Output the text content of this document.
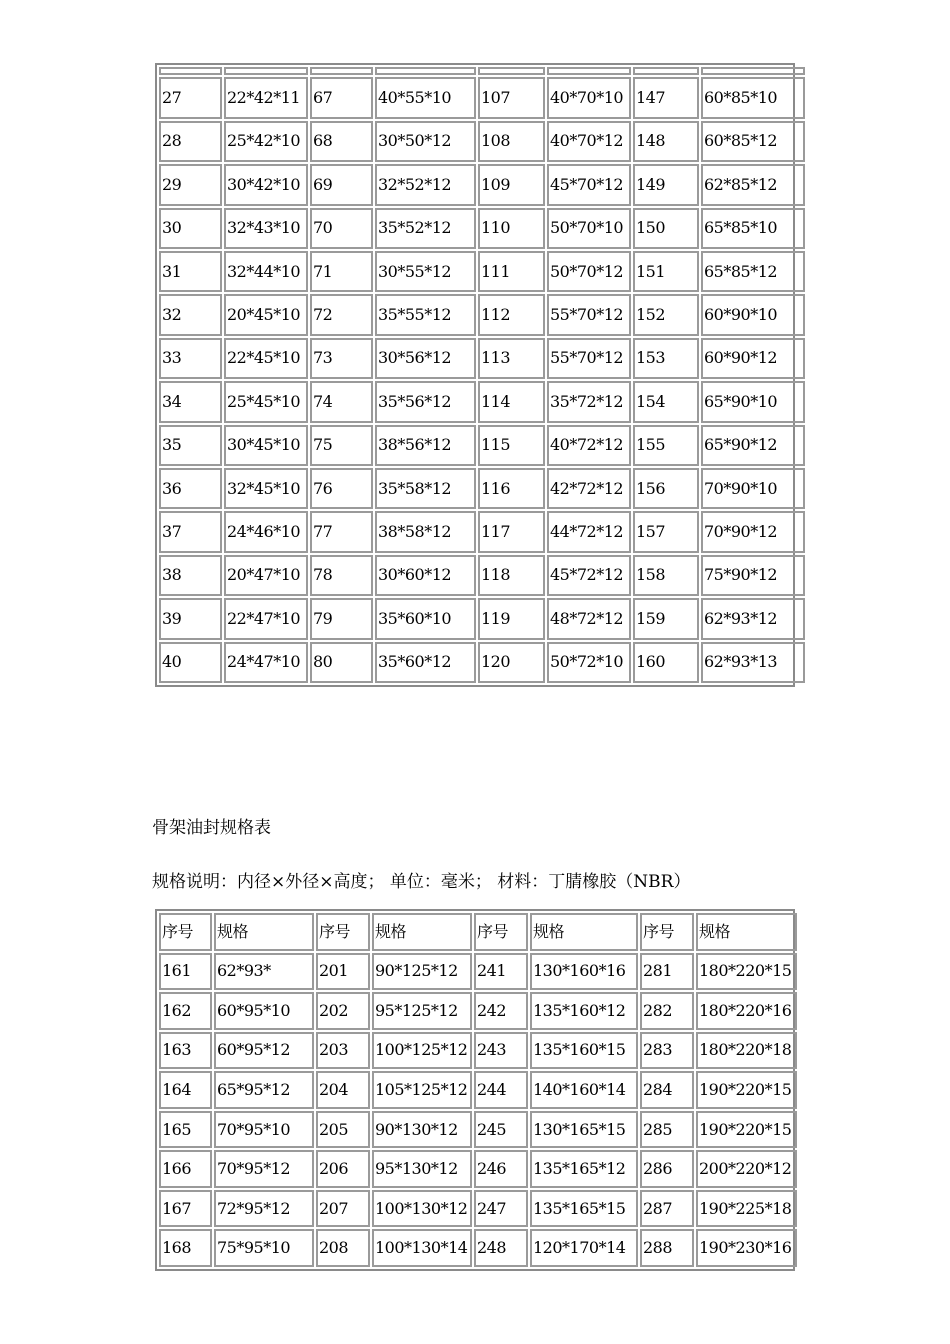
27	22*42*11	67	40*55*10	107	40*70*10	147	60*85*10
28	25*42*10	68	30*50*12	108	40*70*12	148	60*85*12
29	30*42*10	69	32*52*12	109	45*70*12	149	62*85*12
30	32*43*10	70	35*52*12	110	50*70*10	150	65*85*10
31	32*44*10	71	30*55*12	111	50*70*12	151	65*85*12
32	20*45*10	72	35*55*12	112	55*70*12	152	60*90*10
33	22*45*10	73	30*56*12	113	55*70*12	153	60*90*12
34	25*45*10	74	35*56*12	114	35*72*12	154	65*90*10
35	30*45*10	75	38*56*12	115	40*72*12	155	65*90*12
36	32*45*10	76	35*58*12	116	42*72*12	156	70*90*10
37	24*46*10	77	38*58*12	117	44*72*12	157	70*90*12
38	20*47*10	78	30*60*12	118	45*72*12	158	75*90*12
39	22*47*10	79	35*60*10	119	48*72*12	159	62*93*12
40	24*47*10	80	35*60*12	120	50*72*10	160	62*93*13
骨架油封规格表
规格说明：内径×外径×高度； 单位：毫米； 材料：丁腈橡胶（NBR）
序号	规格	序号	规格	序号	规格	序号	规格
161	62*93*	201	90*125*12	241	130*160*16	281	180*220*15
162	60*95*10	202	95*125*12	242	135*160*12	282	180*220*16
163	60*95*12	203	100*125*12	243	135*160*15	283	180*220*18
164	65*95*12	204	105*125*12	244	140*160*14	284	190*220*15
165	70*95*10	205	90*130*12	245	130*165*15	285	190*220*15
166	70*95*12	206	95*130*12	246	135*165*12	286	200*220*12
167	72*95*12	207	100*130*12	247	135*165*15	287	190*225*18
168	75*95*10	208	100*130*14	248	120*170*14	288	190*230*16
